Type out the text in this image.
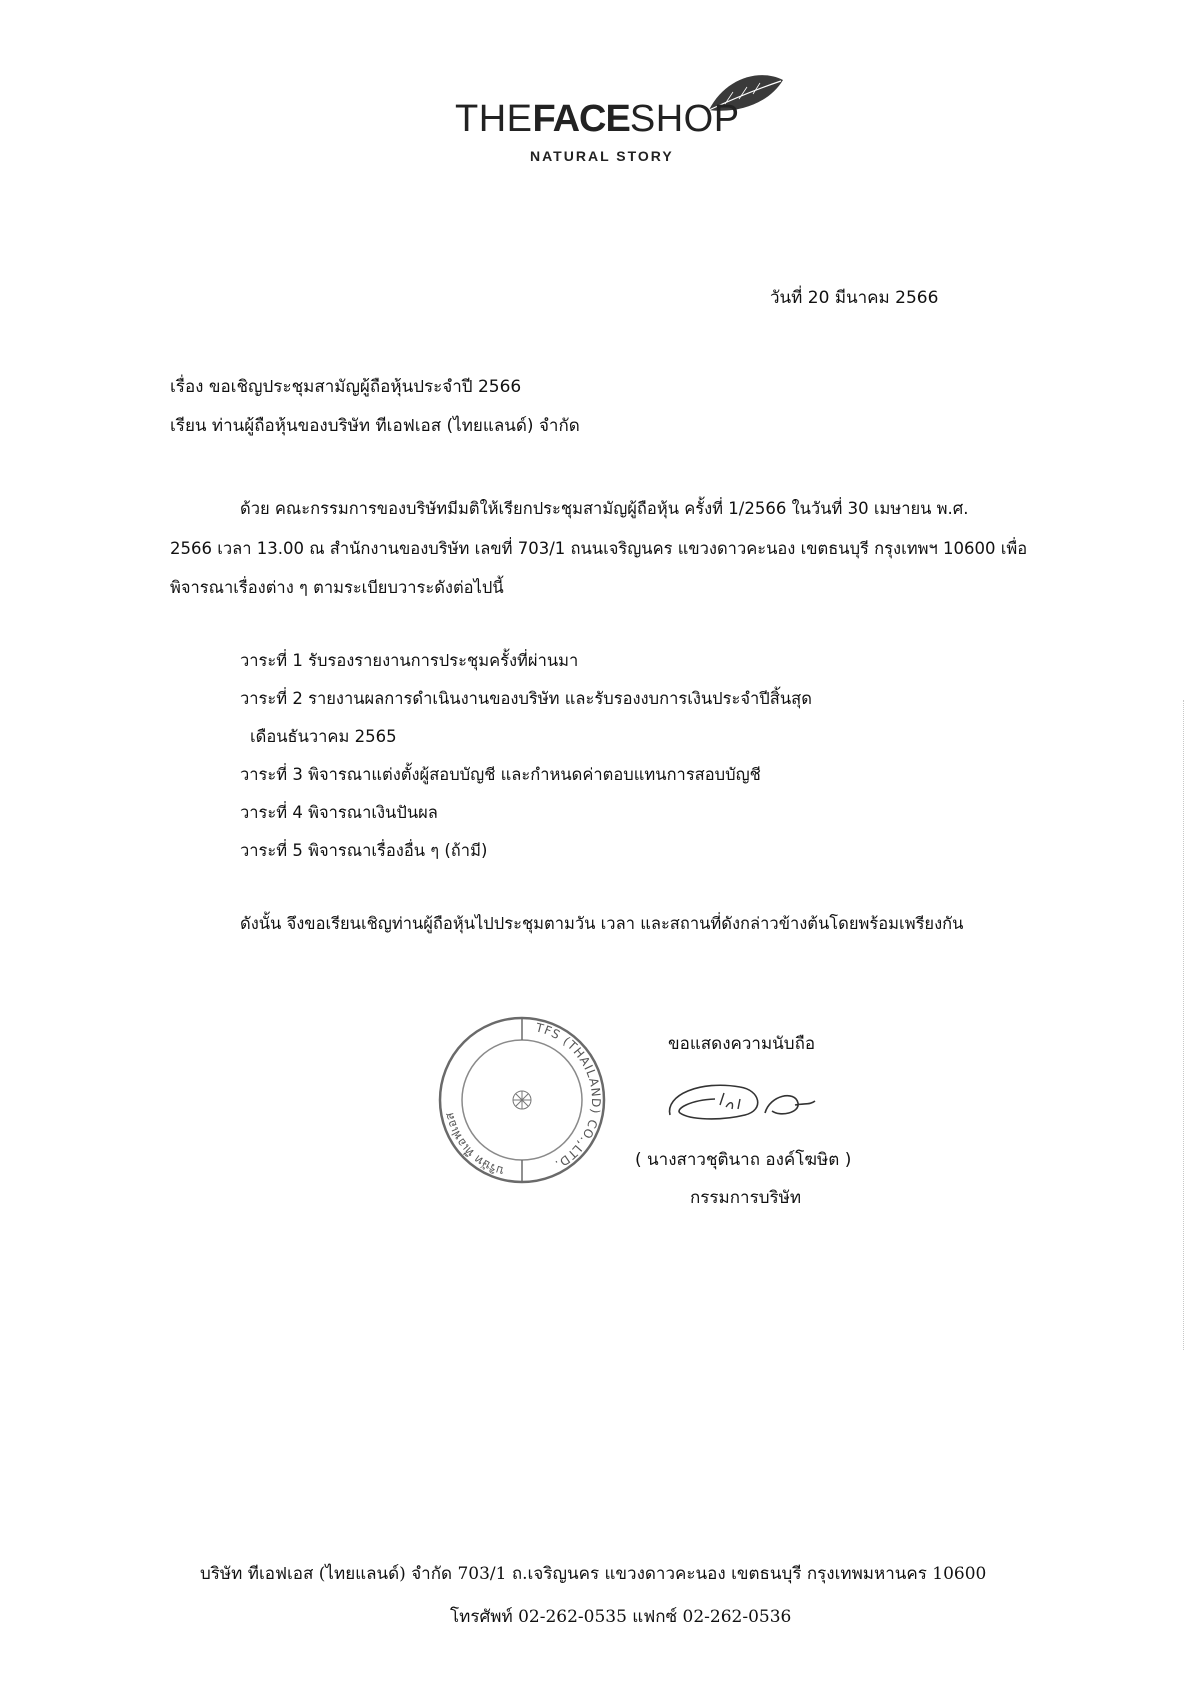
THEFACESHOP
NATURAL STORY
วันที่ 20 มีนาคม 2566
เรื่อง ขอเชิญประชุมสามัญผู้ถือหุ้นประจำปี 2566
เรียน ท่านผู้ถือหุ้นของบริษัท ทีเอฟเอส (ไทยแลนด์) จำกัด
ด้วย คณะกรรมการของบริษัทมีมติให้เรียกประชุมสามัญผู้ถือหุ้น ครั้งที่ 1/2566 ในวันที่ 30 เมษายน พ.ศ.
2566 เวลา 13.00 ณ สำนักงานของบริษัท เลขที่ 703/1 ถนนเจริญนคร แขวงดาวคะนอง เขตธนบุรี กรุงเทพฯ 10600 เพื่อ
พิจารณาเรื่องต่าง ๆ ตามระเบียบวาระดังต่อไปนี้
วาระที่ 1 รับรองรายงานการประชุมครั้งที่ผ่านมา
วาระที่ 2 รายงานผลการดำเนินงานของบริษัท และรับรองงบการเงินประจำปีสิ้นสุด
เดือนธันวาคม 2565
วาระที่ 3 พิจารณาแต่งตั้งผู้สอบบัญชี และกำหนดค่าตอบแทนการสอบบัญชี
วาระที่ 4 พิจารณาเงินปันผล
วาระที่ 5 พิจารณาเรื่องอื่น ๆ (ถ้ามี)
ดังนั้น จึงขอเรียนเชิญท่านผู้ถือหุ้นไปประชุมตามวัน เวลา และสถานที่ดังกล่าวข้างต้นโดยพร้อมเพรียงกัน
บริษัท ทีเอฟเอส
TFS (THAILAND) CO.,LTD.
ขอแสดงความนับถือ
( นางสาวชุตินาถ องค์โฆษิต )
กรรมการบริษัท
บริษัท ทีเอฟเอส (ไทยแลนด์) จำกัด 703/1 ถ.เจริญนคร แขวงดาวคะนอง เขตธนบุรี กรุงเทพมหานคร 10600
โทรศัพท์ 02-262-0535 แฟกซ์ 02-262-0536
